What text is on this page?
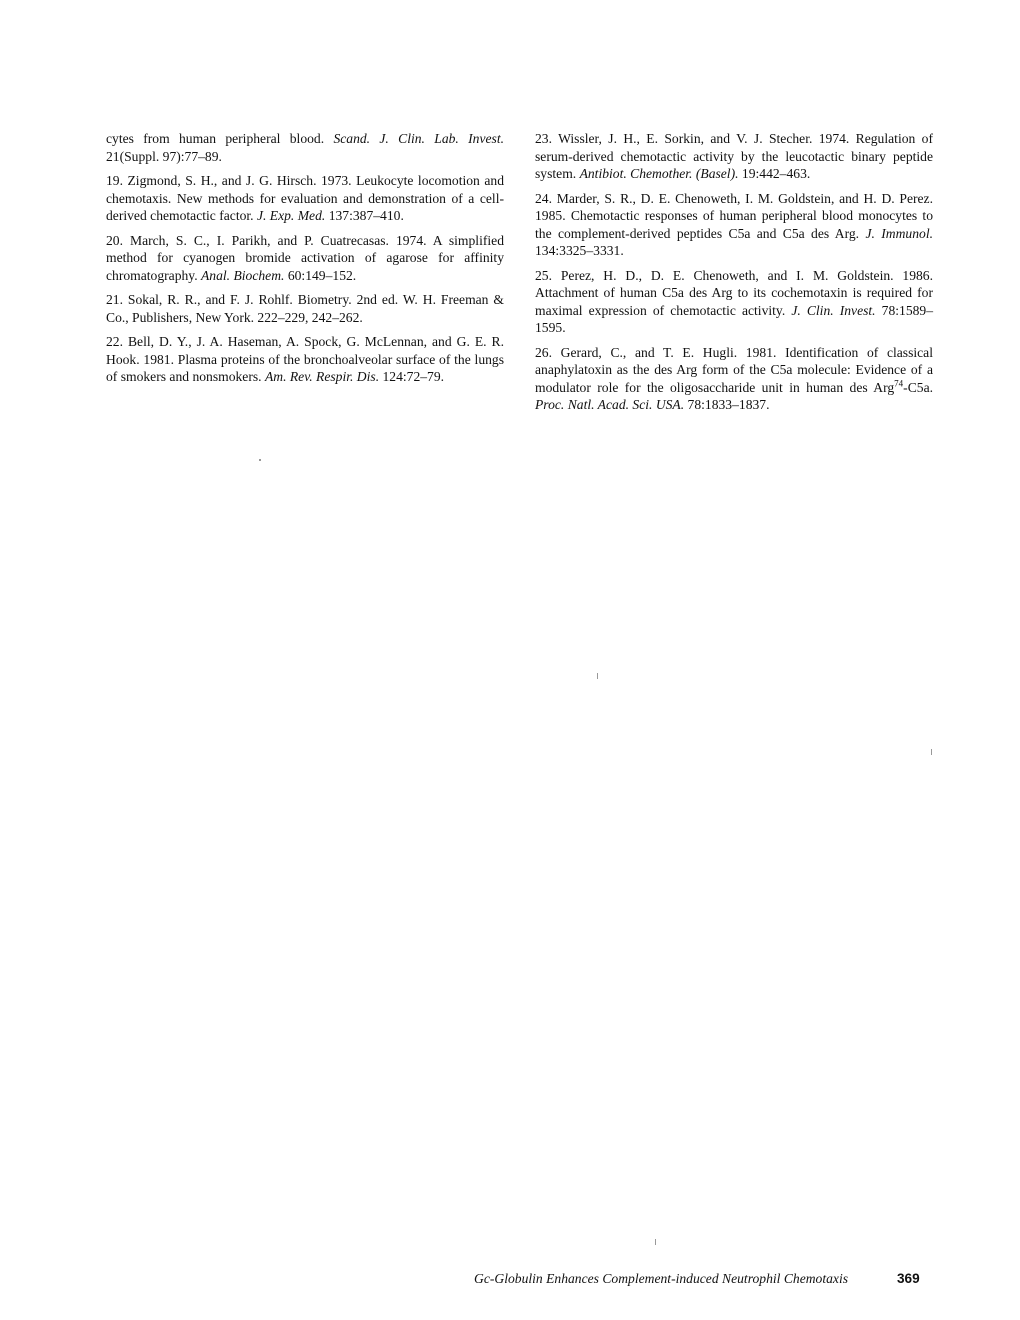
cytes from human peripheral blood. Scand. J. Clin. Lab. Invest. 21(Suppl. 97):77–89.

19. Zigmond, S. H., and J. G. Hirsch. 1973. Leukocyte locomotion and chemotaxis. New methods for evaluation and demonstration of a cell-derived chemotactic factor. J. Exp. Med. 137:387–410.

20. March, S. C., I. Parikh, and P. Cuatrecasas. 1974. A simplified method for cyanogen bromide activation of agarose for affinity chromatography. Anal. Biochem. 60:149–152.

21. Sokal, R. R., and F. J. Rohlf. Biometry. 2nd ed. W. H. Freeman & Co., Publishers, New York. 222–229, 242–262.

22. Bell, D. Y., J. A. Haseman, A. Spock, G. McLennan, and G. E. R. Hook. 1981. Plasma proteins of the bronchoalveolar surface of the lungs of smokers and nonsmokers. Am. Rev. Respir. Dis. 124:72–79.

23. Wissler, J. H., E. Sorkin, and V. J. Stecher. 1974. Regulation of serum-derived chemotactic activity by the leucotactic binary peptide system. Antibiot. Chemother. (Basel). 19:442–463.

24. Marder, S. R., D. E. Chenoweth, I. M. Goldstein, and H. D. Perez. 1985. Chemotactic responses of human peripheral blood monocytes to the complement-derived peptides C5a and C5a des Arg. J. Immunol. 134:3325–3331.

25. Perez, H. D., D. E. Chenoweth, and I. M. Goldstein. 1986. Attachment of human C5a des Arg to its cochemotaxin is required for maximal expression of chemotactic activity. J. Clin. Invest. 78:1589–1595.

26. Gerard, C., and T. E. Hugli. 1981. Identification of classical anaphylatoxin as the des Arg form of the C5a molecule: Evidence of a modulator role for the oligosaccharide unit in human des Arg$^{74}$-C5a. Proc. Natl. Acad. Sci. USA. 78:1833–1837.

Gc-Globulin Enhances Complement-induced Neutrophil Chemotaxis	369
